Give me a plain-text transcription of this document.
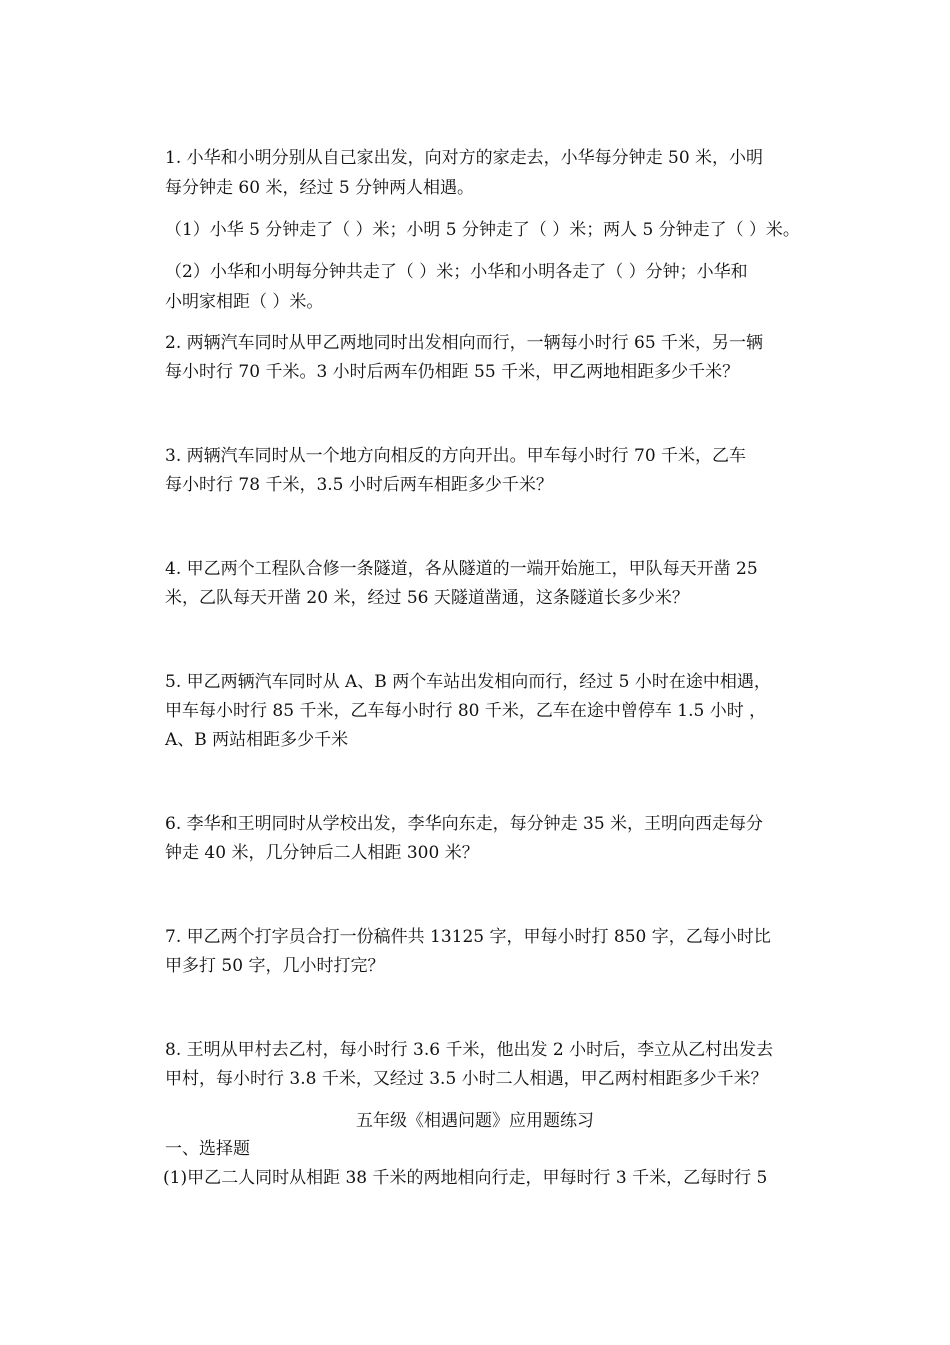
1. 小华和小明分别从自己家出发，向对方的家走去，小华每分钟走 50 米，小明
每分钟走 60 米，经过 5 分钟两人相遇。
（1）小华 5 分钟走了（ ）米；小明 5 分钟走了（ ）米；两人 5 分钟走了（ ）米。
（2）小华和小明每分钟共走了（ ）米；小华和小明各走了（ ）分钟；小华和
小明家相距（ ）米。
2. 两辆汽车同时从甲乙两地同时出发相向而行，一辆每小时行 65 千米，另一辆
每小时行 70 千米。3 小时后两车仍相距 55 千米，甲乙两地相距多少千米？
3. 两辆汽车同时从一个地方向相反的方向开出。甲车每小时行 70 千米，乙车
每小时行 78 千米，3.5 小时后两车相距多少千米？
4. 甲乙两个工程队合修一条隧道，各从隧道的一端开始施工，甲队每天开凿 25
米，乙队每天开凿 20 米，经过 56 天隧道凿通，这条隧道长多少米？
5. 甲乙两辆汽车同时从 A、B 两个车站出发相向而行，经过 5 小时在途中相遇，
甲车每小时行 85 千米，乙车每小时行 80 千米，乙车在途中曾停车 1.5 小时 ，
A、B 两站相距多少千米
6. 李华和王明同时从学校出发，李华向东走，每分钟走 35 米，王明向西走每分
钟走 40 米，几分钟后二人相距 300 米？
7. 甲乙两个打字员合打一份稿件共 13125 字，甲每小时打 850 字，乙每小时比
甲多打 50 字，几小时打完？
8. 王明从甲村去乙村，每小时行 3.6 千米，他出发 2 小时后，李立从乙村出发去
甲村，每小时行 3.8 千米，又经过 3.5 小时二人相遇，甲乙两村相距多少千米？
五年级《相遇问题》应用题练习
一、选择题
(1)甲乙二人同时从相距 38 千米的两地相向行走，甲每时行 3 千米，乙每时行 5
